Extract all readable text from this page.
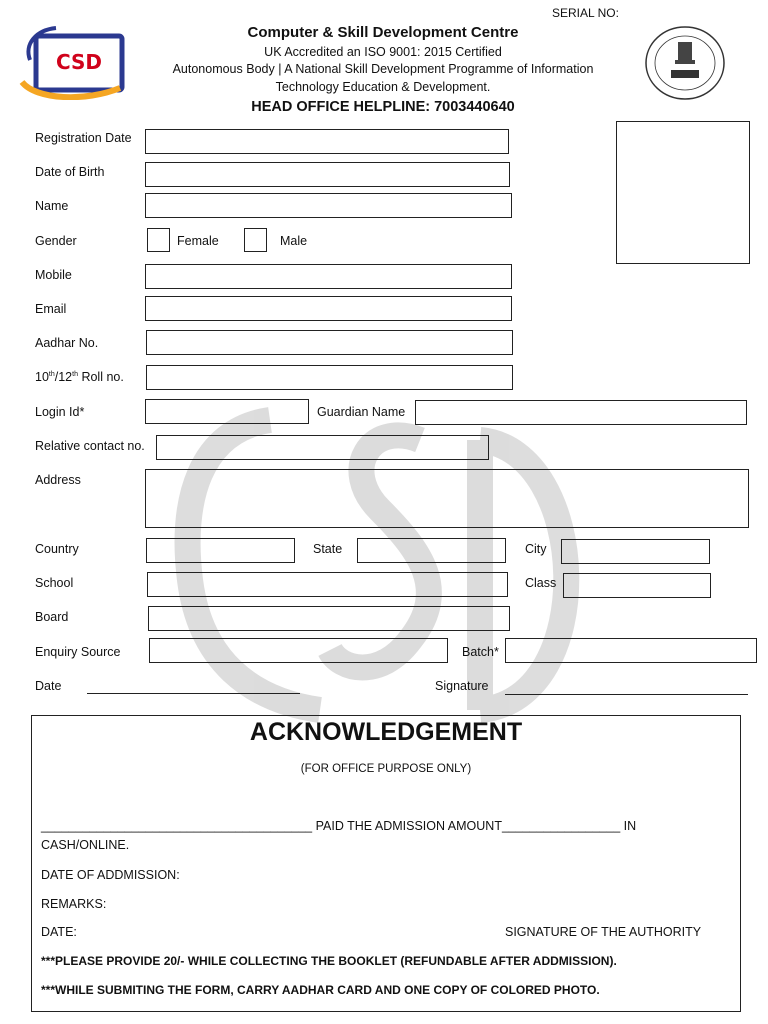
SERIAL NO:
CSD
Computer & Skill Development Centre
UK Accredited an ISO 9001: 2015 Certified
Autonomous Body | A National Skill Development Programme of Information
Technology Education & Development.
HEAD OFFICE HELPLINE: 7003440640
Registration Date
Date of Birth
Name
Gender	Female	Male
Mobile
Email
Aadhar No.
10th/12th Roll no.
Login Id*	Guardian Name
Relative contact no.
Address
Country	State	City
School	Class
Board
Enquiry Source	Batch*
Date	Signature
ACKNOWLEDGEMENT
(FOR OFFICE PURPOSE ONLY)
_______________________________________ PAID THE ADMISSION AMOUNT_________________ IN
CASH/ONLINE.
DATE OF ADDMISSION:
REMARKS:
DATE:	SIGNATURE OF THE AUTHORITY
***PLEASE PROVIDE 20/- WHILE COLLECTING THE BOOKLET (REFUNDABLE AFTER ADDMISSION).
***WHILE SUBMITING THE FORM, CARRY AADHAR CARD AND ONE COPY OF COLORED PHOTO.
